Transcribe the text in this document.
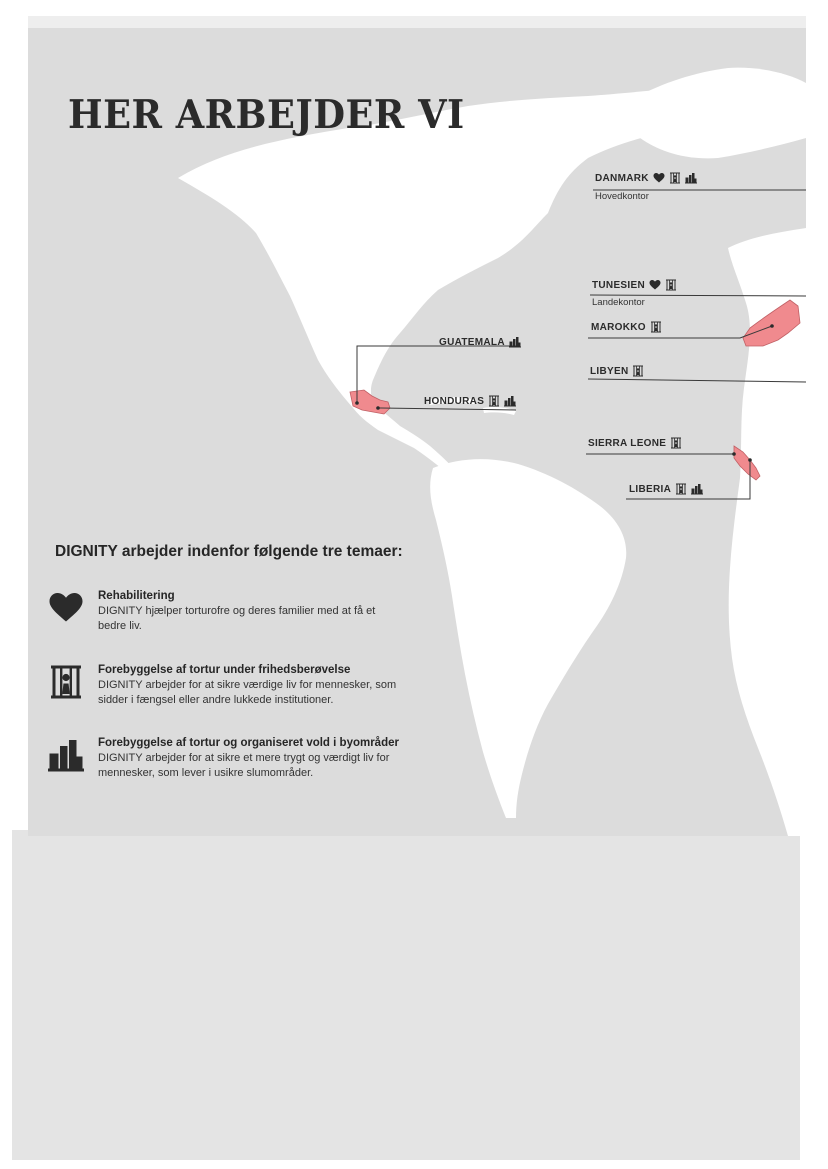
HER ARBEJDER VI
DANMARK
Hovedkontor
TUNESIEN
Landekontor
MAROKKO
LIBYEN
SIERRA LEONE
LIBERIA
GUATEMALA
HONDURAS
DIGNITY arbejder indenfor følgende tre temaer:

Rehabilitering

DIGNITY hjælper torturofre og deres familier med at få et bedre liv.

Forebyggelse af tortur under frihedsberøvelse

DIGNITY arbejder for at sikre værdige liv for mennesker, som sidder i fængsel eller andre lukkede institutioner.

Forebyggelse af tortur og organiseret vold i byområder

DIGNITY arbejder for at sikre et mere trygt og værdigt liv for mennesker, som lever i usikre slumområder.
